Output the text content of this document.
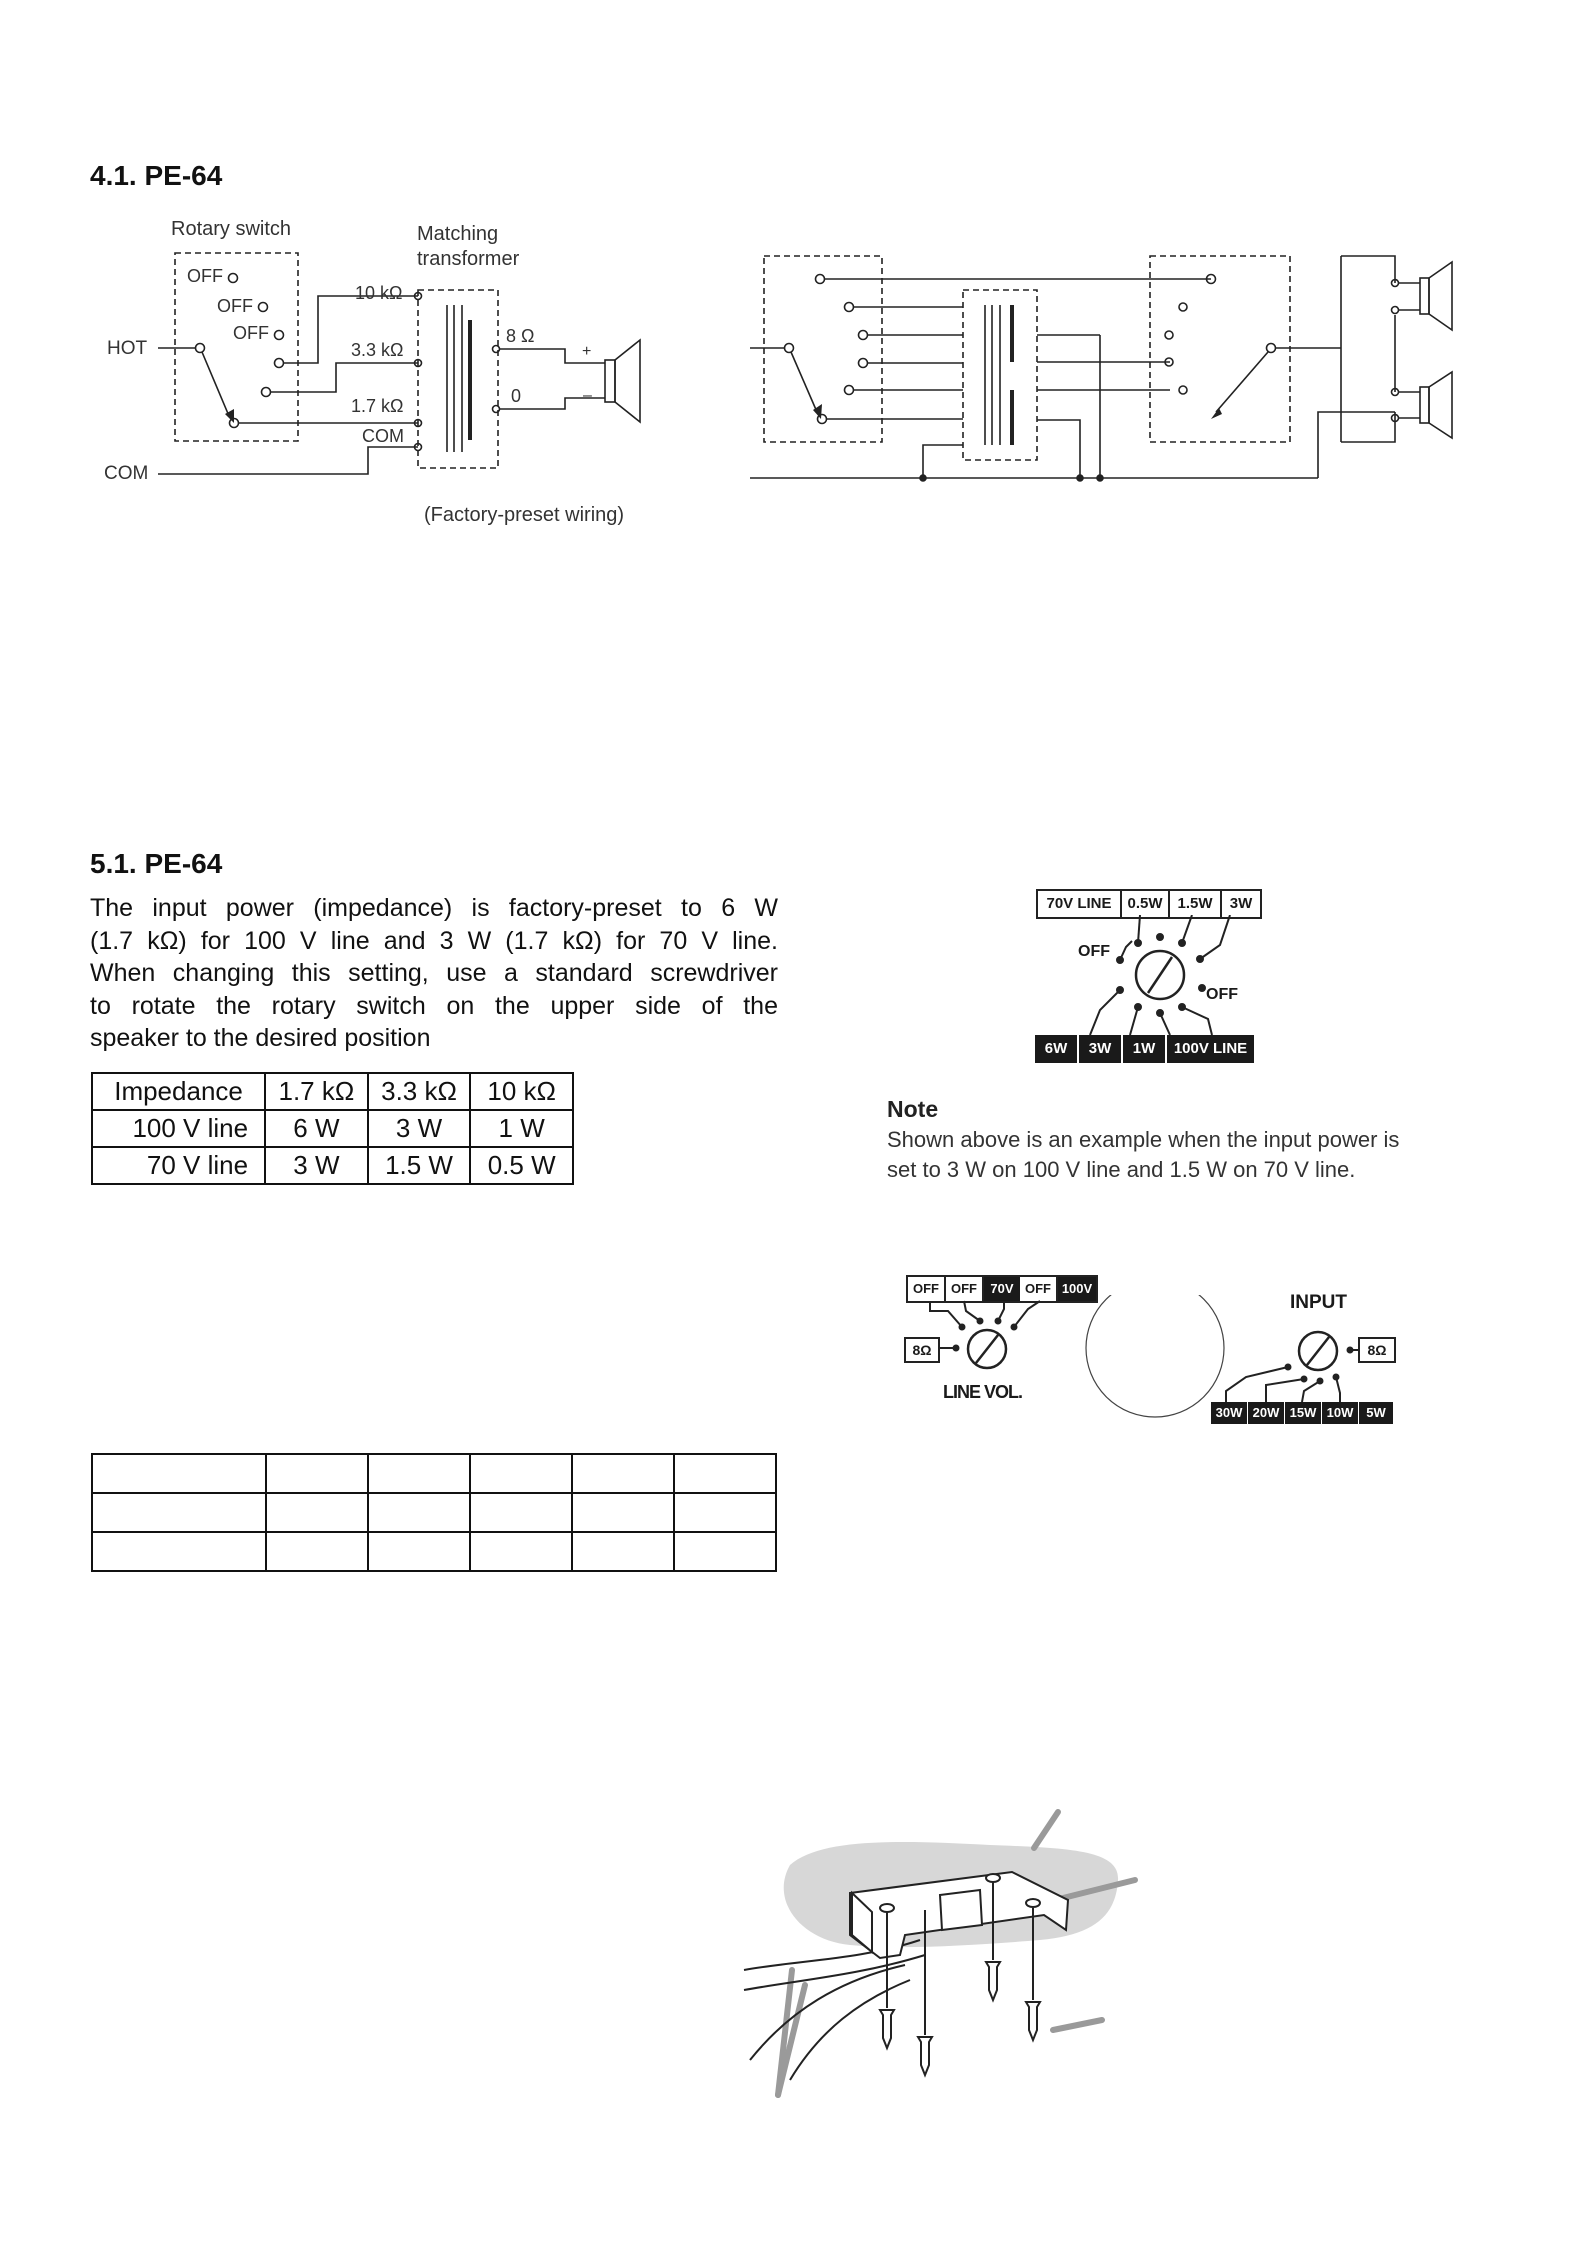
4.1. PE-64
Rotary switch	Matching
transformer
OFF
OFF
OFF
HOT
COM
10 kΩ
3.3 kΩ
1.7 kΩ
COM
8 Ω
0
+
–
(Factory-preset wiring)
5.1. PE-64
The input power (impedance) is factory-preset to 6 W
(1.7 kΩ) for 100 V line and 3 W (1.7 kΩ) for 70 V line.
When changing this setting, use a standard screwdriver
to rotate the rotary switch on the upper side of the
speaker to the desired position
Impedance	1.7 kΩ	3.3 kΩ	10 kΩ
100 V line	6 W	3 W	1 W
70 V line	3 W	1.5 W	0.5 W
70V LINE	0.5W 1.5W	3W
6W	3W	1W	100V LINE
OFF
OFF
Note
Shown above is an example when the input power is
set to 3 W on 100 V line and 1.5 W on 70 V line.
OFF OFF	70V OFF 100V
8Ω
LINE VOL.
INPUT
8Ω
30W 20W 15W 10W 5W
